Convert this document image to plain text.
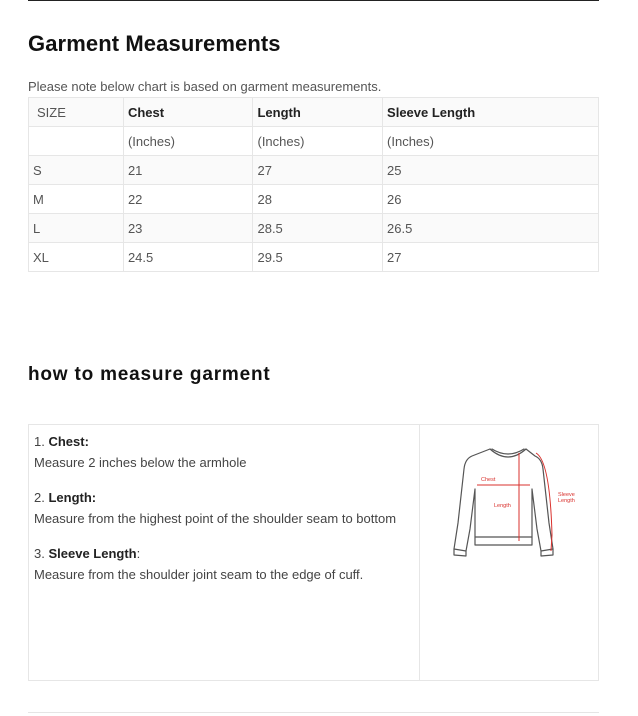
Garment Measurements

Please note below chart is based on garment measurements.

SIZE	Chest	Length	Sleeve Length
	(Inches)	(Inches)	(Inches)
S	21	27	25
M	22	28	26
L	23	28.5	26.5
XL	24.5	29.5	27
how to measure garment
1. Chest:
Measure 2 inches below the armhole
2. Length:
Measure from the highest point of the shoulder seam to bottom
3. Sleeve Length:
Measure from the shoulder joint seam to the edge of cuff.
Chest
Length
Sleeve
Length
